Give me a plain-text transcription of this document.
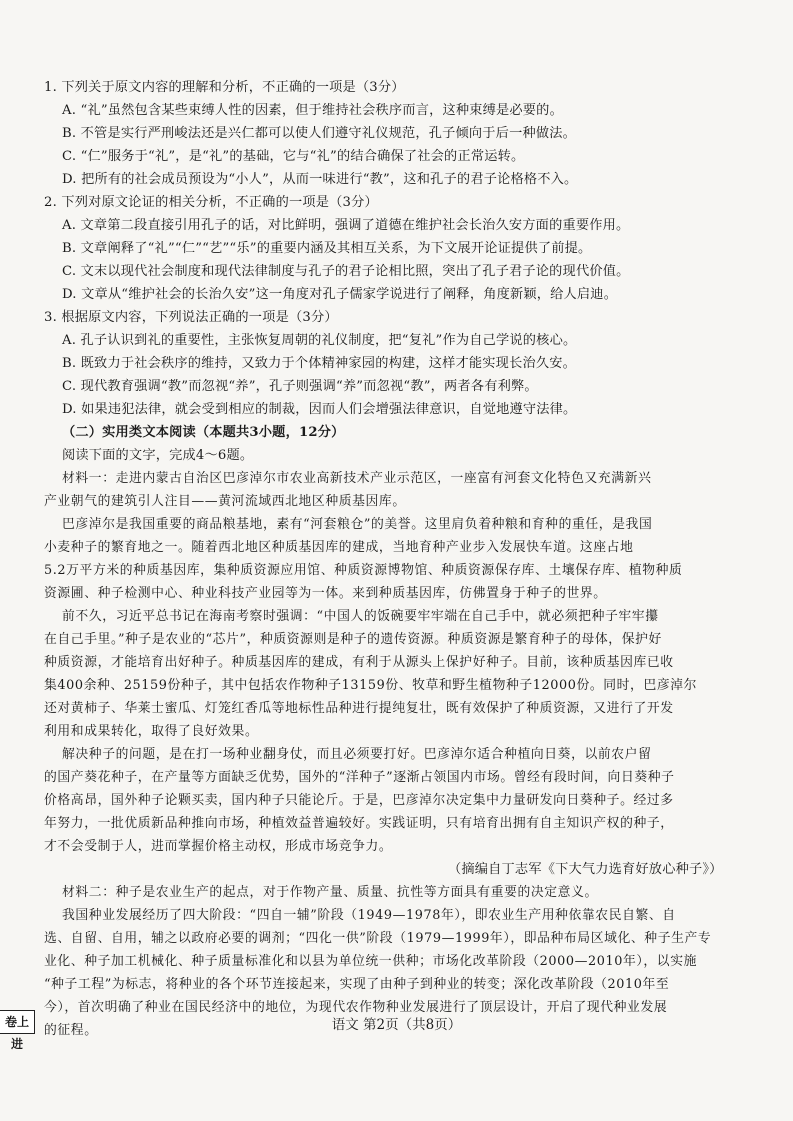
1. 下列关于原文内容的理解和分析，不正确的一项是（3分）
A. “礼”虽然包含某些束缚人性的因素，但于维持社会秩序而言，这种束缚是必要的。
B. 不管是实行严刑峻法还是兴仁都可以使人们遵守礼仪规范，孔子倾向于后一种做法。
C. “仁”服务于“礼”，是“礼”的基础，它与“礼”的结合确保了社会的正常运转。
D. 把所有的社会成员预设为“小人”，从而一味进行“教”，这和孔子的君子论格格不入。
2. 下列对原文论证的相关分析，不正确的一项是（3分）
A. 文章第二段直接引用孔子的话，对比鲜明，强调了道德在维护社会长治久安方面的重要作用。
B. 文章阐释了“礼”“仁”“艺”“乐”的重要内涵及其相互关系，为下文展开论证提供了前提。
C. 文末以现代社会制度和现代法律制度与孔子的君子论相比照，突出了孔子君子论的现代价值。
D. 文章从“维护社会的长治久安”这一角度对孔子儒家学说进行了阐释，角度新颖，给人启迪。
3. 根据原文内容，下列说法正确的一项是（3分）
A. 孔子认识到礼的重要性，主张恢复周朝的礼仪制度，把“复礼”作为自己学说的核心。
B. 既致力于社会秩序的维持，又致力于个体精神家园的构建，这样才能实现长治久安。
C. 现代教育强调“教”而忽视“养”，孔子则强调“养”而忽视“教”，两者各有利弊。
D. 如果违犯法律，就会受到相应的制裁，因而人们会增强法律意识，自觉地遵守法律。
（二）实用类文本阅读（本题共3小题，12分）
阅读下面的文字，完成4～6题。
材料一：走进内蒙古自治区巴彦淖尔市农业高新技术产业示范区，一座富有河套文化特色又充满新兴
产业朝气的建筑引人注目——黄河流域西北地区种质基因库。
巴彦淖尔是我国重要的商品粮基地，素有“河套粮仓”的美誉。这里肩负着种粮和育种的重任，是我国
小麦种子的繁育地之一。随着西北地区种质基因库的建成，当地育种产业步入发展快车道。这座占地
5.2万平方米的种质基因库，集种质资源应用馆、种质资源博物馆、种质资源保存库、土壤保存库、植物种质
资源圃、种子检测中心、种业科技产业园等为一体。来到种质基因库，仿佛置身于种子的世界。
前不久，习近平总书记在海南考察时强调：“中国人的饭碗要牢牢端在自己手中，就必须把种子牢牢攥
在自己手里。”种子是农业的“芯片”，种质资源则是种子的遗传资源。种质资源是繁育种子的母体，保护好
种质资源，才能培育出好种子。种质基因库的建成，有利于从源头上保护好种子。目前，该种质基因库已收
集400余种、25159份种子，其中包括农作物种子13159份、牧草和野生植物种子12000份。同时，巴彦淖尔
还对黄柿子、华莱士蜜瓜、灯笼红香瓜等地标性品种进行提纯复壮，既有效保护了种质资源，又进行了开发
利用和成果转化，取得了良好效果。
解决种子的问题，是在打一场种业翻身仗，而且必须要打好。巴彦淖尔适合种植向日葵，以前农户留
的国产葵花种子，在产量等方面缺乏优势，国外的“洋种子”逐渐占领国内市场。曾经有段时间，向日葵种子
价格高昂，国外种子论颗买卖，国内种子只能论斤。于是，巴彦淖尔决定集中力量研发向日葵种子。经过多
年努力，一批优质新品种推向市场，种植效益普遍较好。实践证明，只有培育出拥有自主知识产权的种子，
才不会受制于人，进而掌握价格主动权，形成市场竞争力。
（摘编自丁志军《下大气力选育好放心种子》）
材料二：种子是农业生产的起点，对于作物产量、质量、抗性等方面具有重要的决定意义。
我国种业发展经历了四大阶段：“四自一辅”阶段（1949—1978年），即农业生产用种依靠农民自繁、自
选、自留、自用，辅之以政府必要的调剂；“四化一供”阶段（1979—1999年），即品种布局区域化、种子生产专
业化、种子加工机械化、种子质量标准化和以县为单位统一供种；市场化改革阶段（2000—2010年），以实施
“种子工程”为标志，将种业的各个环节连接起来，实现了由种子到种业的转变；深化改革阶段（2010年至
今），首次明确了种业在国民经济中的地位，为现代农作物种业发展进行了顶层设计，开启了现代种业发展
的征程。
卷上进
语文 第2页（共8页）
